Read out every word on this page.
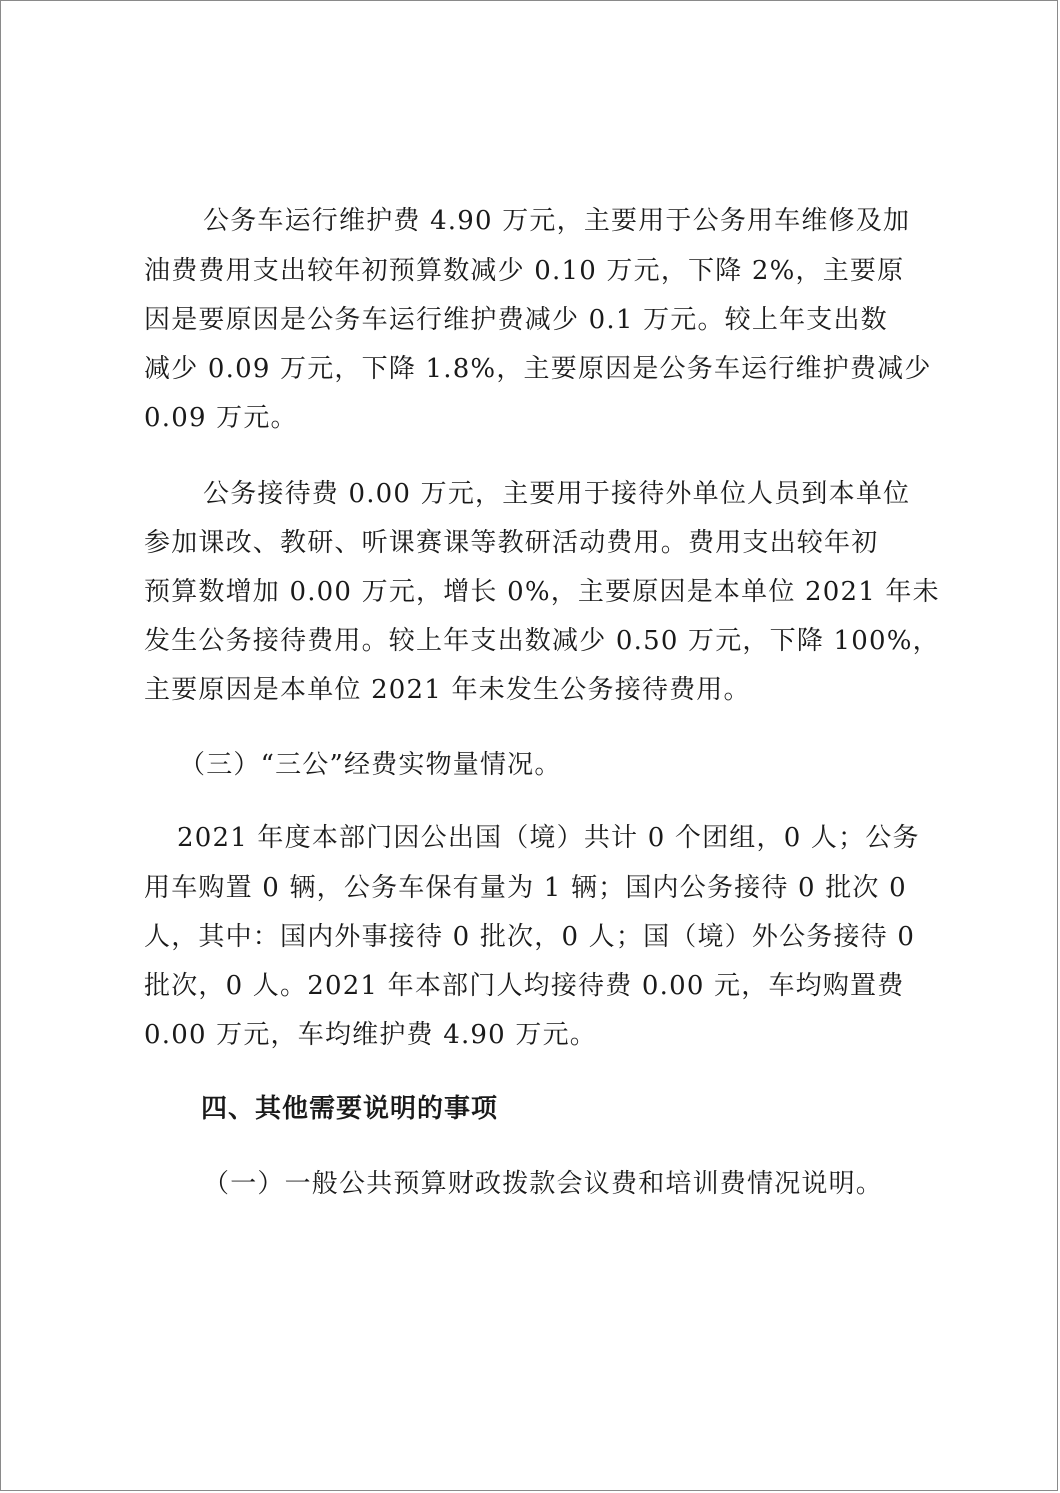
公务车运行维护费 4.90 万元，主要用于公务用车维修及加

油费费用支出较年初预算数减少 0.10 万元，下降 2%，主要原

因是要原因是公务车运行维护费减少 0.1 万元。较上年支出数

减少 0.09 万元，下降 1.8%，主要原因是公务车运行维护费减少

0.09 万元。

公务接待费 0.00 万元，主要用于接待外单位人员到本单位

参加课改、教研、听课赛课等教研活动费用。费用支出较年初

预算数增加 0.00 万元，增长 0%，主要原因是本单位 2021 年未

发生公务接待费用。较上年支出数减少 0.50 万元，下降 100%，

主要原因是本单位 2021 年未发生公务接待费用。

（三）“三公”经费实物量情况。

2021 年度本部门因公出国（境）共计 0 个团组，0 人；公务

用车购置 0 辆，公务车保有量为 1 辆；国内公务接待 0 批次 0

人，其中：国内外事接待 0 批次，0 人；国（境）外公务接待 0

批次，0 人。2021 年本部门人均接待费 0.00 元，车均购置费

0.00 万元，车均维护费 4.90 万元。

四、其他需要说明的事项

（一）一般公共预算财政拨款会议费和培训费情况说明。
